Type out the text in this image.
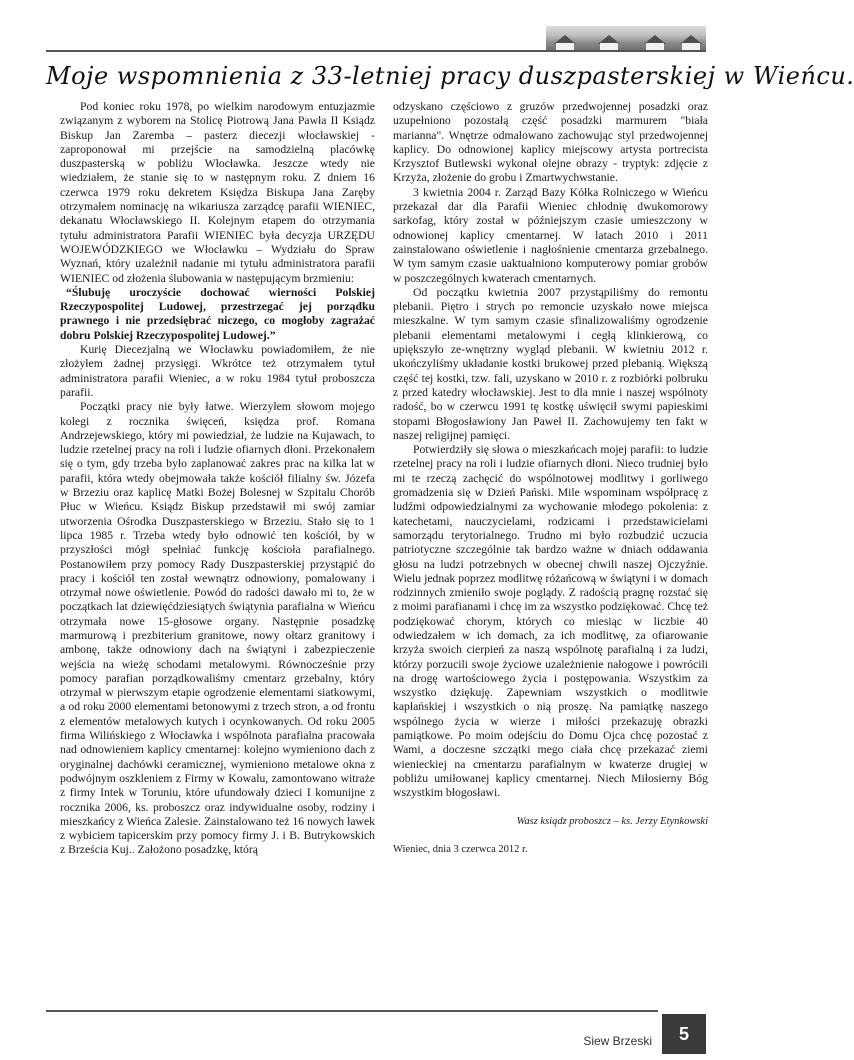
Moje wspomnienia z 33-letniej pracy duszpasterskiej w Wieńcu.

Pod koniec roku 1978, po wielkim narodowym entuzjazmie związanym z wyborem na Stolicę Piotrową Jana Pawła II Ksiądz Biskup Jan Zaremba – pasterz diecezji włocławskiej - zaproponował mi przejście na samodzielną placówkę duszpasterską w pobliżu Włocławka. Jeszcze wtedy nie wiedziałem, że stanie się to w następnym roku. Z dniem 16 czerwca 1979 roku dekretem Księdza Biskupa Jana Zaręby otrzymałem nominację na wikariusza zarządcę parafii WIENIEC, dekanatu Włocławskiego II. Kolejnym etapem do otrzymania tytułu administratora Parafii WIENIEC była decyzja URZĘDU WOJEWÓDZKIEGO we Włocławku – Wydziału do Spraw Wyznań, który uzależnił nadanie mi tytułu administratora parafii WIENIEC od złożenia ślubowania w następującym brzmieniu:

“Ślubuję uroczyście dochować wierności Polskiej Rzeczypospolitej Ludowej, przestrzegać jej porządku prawnego i nie przedsiębrać niczego, co mogłoby zagrażać dobru Polskiej Rzeczypospolitej Ludowej.”

Kurię Diecezjalną we Włocławku powiadomiłem, że nie złożyłem żadnej przysięgi. Wkrótce też otrzymałem tytuł administratora parafii Wieniec, a w roku 1984 tytuł proboszcza parafii.

Początki pracy nie były łatwe. Wierzyłem słowom mojego kolegi z rocznika święceń, księdza prof. Romana Andrzejewskiego, który mi powiedział, że ludzie na Kujawach, to ludzie rzetelnej pracy na roli i ludzie ofiarnych dłoni. Przekonałem się o tym, gdy trzeba było zaplanować zakres prac na kilka lat w parafii, która wtedy obejmowała także kościół filialny św. Józefa w Brzeziu oraz kaplicę Matki Bożej Bolesnej w Szpitalu Chorób Płuc w Wieńcu. Ksiądz Biskup przedstawił mi swój zamiar utworzenia Ośrodka Duszpasterskiego w Brzeziu. Stało się to 1 lipca 1985 r. Trzeba wtedy było odnowić ten kościół, by w przyszłości mógł spełniać funkcję kościoła parafialnego. Postanowiłem przy pomocy Rady Duszpasterskiej przystąpić do pracy i kościół ten został wewnątrz odnowiony, pomalowany i otrzymał nowe oświetlenie. Powód do radości dawało mi to, że w początkach lat dziewięćdziesiątych świątynia parafialna w Wieńcu otrzymała nowe 15-głosowe organy. Następnie posadzkę marmurową i prezbiterium granitowe, nowy ołtarz granitowy i ambonę, także odnowiony dach na świątyni i zabezpieczenie wejścia na wieżę schodami metalowymi. Równocześnie przy pomocy parafian porządkowaliśmy cmentarz grzebalny, który otrzymał w pierwszym etapie ogrodzenie elementami siatkowymi, a od roku 2000 elementami betonowymi z trzech stron, a od frontu z elementów metalowych kutych i ocynkowanych. Od roku 2005 firma Wilińskiego z Włocławka i wspólnota parafialna pracowała nad odnowieniem kaplicy cmentarnej: kolejno wymieniono dach z oryginalnej dachówki ceramicznej, wymieniono metalowe okna z podwójnym oszkleniem z Firmy w Kowalu, zamontowano witraże z firmy Intek w Toruniu, które ufundowały dzieci I komunijne z rocznika 2006, ks. proboszcz oraz indywidualne osoby, rodziny i mieszkańcy z Wieńca Zalesie. Zainstalowano też 16 nowych ławek z wybiciem tapicerskim przy pomocy firmy J. i B. Butrykowskich z Brześcia Kuj.. Założono posadzkę, którą

odzyskano częściowo z gruzów przedwojennej posadzki oraz uzupełniono pozostałą część posadzki marmurem "biała marianna". Wnętrze odmalowano zachowując styl przedwojennej kaplicy. Do odnowionej kaplicy miejscowy artysta portrecista Krzysztof Butlewski wykonał olejne obrazy - tryptyk: zdjęcie z Krzyża, złożenie do grobu i Zmartwychwstanie.

3 kwietnia 2004 r. Zarząd Bazy Kółka Rolniczego w Wieńcu przekazał dar dla Parafii Wieniec chłodnię dwukomorowy sarkofag, który został w późniejszym czasie umieszczony w odnowionej kaplicy cmentarnej. W latach 2010 i 2011 zainstalowano oświetlenie i nagłośnienie cmentarza grzebalnego. W tym samym czasie uaktualniono komputerowy pomiar grobów w poszczególnych kwaterach cmentarnych.

Od początku kwietnia 2007 przystąpiliśmy do remontu plebanii. Piętro i strych po remoncie uzyskało nowe miejsca mieszkalne. W tym samym czasie sfinalizowaliśmy ogrodzenie plebanii elementami metalowymi i cegłą klinkierową, co upiększyło ze-wnętrzny wygląd plebanii. W kwietniu 2012 r. ukończyliśmy układanie kostki brukowej przed plebanią. Większą część tej kostki, tzw. fali, uzyskano w 2010 r. z rozbiórki polbruku z przed katedry włocławskiej. Jest to dla mnie i naszej wspólnoty radość, bo w czerwcu 1991 tę kostkę uświęcił swymi papieskimi stopami Błogosławiony Jan Paweł II. Zachowujemy ten fakt w naszej religijnej pamięci.

Potwierdziły się słowa o mieszkańcach mojej parafii: to ludzie rzetelnej pracy na roli i ludzie ofiarnych dłoni. Nieco trudniej było mi te rzeczą zachęcić do wspólnotowej modlitwy i gorliwego gromadzenia się w Dzień Pański. Mile wspominam współpracę z ludźmi odpowiedzialnymi za wychowanie młodego pokolenia: z katechetami, nauczycielami, rodzicami i przedstawicielami samorządu terytorialnego. Trudno mi było rozbudzić uczucia patriotyczne szczególnie tak bardzo ważne w dniach oddawania głosu na ludzi potrzebnych w obecnej chwili naszej Ojczyźnie. Wielu jednak poprzez modlitwę różańcową w świątyni i w domach rodzinnych zmieniło swoje poglądy. Z radością pragnę rozstać się z moimi parafianami i chcę im za wszystko podziękować. Chcę też podziękować chorym, których co miesiąc w liczbie 40 odwiedzałem w ich domach, za ich modlitwę, za ofiarowanie krzyża swoich cierpień za naszą wspólnotę parafialną i za ludzi, którzy porzucili swoje życiowe uzależnienie nałogowe i powrócili na drogę wartościowego życia i postępowania. Wszystkim za wszystko dziękuję. Zapewniam wszystkich o modlitwie kapłańskiej i wszystkich o nią proszę. Na pamiątkę naszego wspólnego życia w wierze i miłości przekazuję obrazki pamiątkowe. Po moim odejściu do Domu Ojca chcę pozostać z Wami, a doczesne szczątki mego ciała chcę przekazać ziemi wienieckiej na cmentarzu parafialnym w kwaterze drugiej w pobliżu umiłowanej kaplicy cmentarnej. Niech Miłosierny Bóg wszystkim błogosławi.

Wasz ksiądz proboszcz – ks. Jerzy Etynkowski

Wieniec, dnia 3 czerwca 2012 r.

Siew Brzeski	5
